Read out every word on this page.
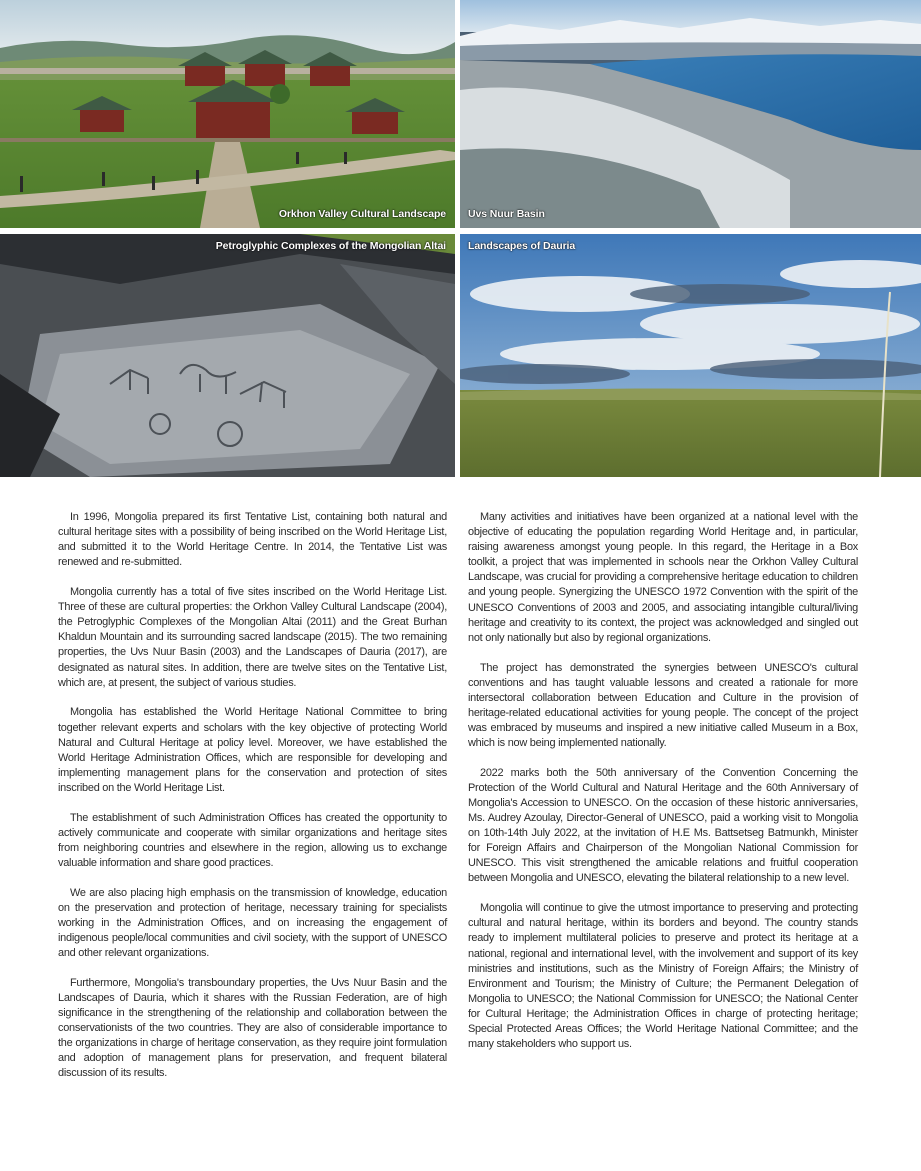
Orkhon Valley Cultural Landscape Uvs Nuur Basin
Petroglyphic Complexes of the Mongolian Altai Landscapes of Dauria

In 1996, Mongolia prepared its first Tentative List, containing both natural and cultural heritage sites with a possibility of being inscribed on the World Heritage List, and submitted it to the World Heritage Centre. In 2014, the Tentative List was renewed and re-submitted.

Mongolia currently has a total of five sites inscribed on the World Heritage List. Three of these are cultural properties: the Orkhon Valley Cultural Landscape (2004), the Petroglyphic Complexes of the Mongolian Altai (2011) and the Great Burhan Khaldun Mountain and its surrounding sacred landscape (2015). The two remaining properties, the Uvs Nuur Basin (2003) and the Landscapes of Dauria (2017), are designated as natural sites. In addition, there are twelve sites on the Tentative List, which are, at present, the subject of various studies.

Mongolia has established the World Heritage National Committee to bring together relevant experts and scholars with the key objective of protecting World Natural and Cultural Heritage at policy level. Moreover, we have established the World Heritage Administration Offices, which are responsible for developing and implementing management plans for the conservation and protection of sites inscribed on the World Heritage List.

The establishment of such Administration Offices has created the opportunity to actively communicate and cooperate with similar organizations and heritage sites from neighboring countries and elsewhere in the region, allowing us to exchange valuable information and share good practices.

We are also placing high emphasis on the transmission of knowledge, education on the preservation and protection of heritage, necessary training for specialists working in the Administration Offices, and on increasing the engagement of indigenous people/local communities and civil society, with the support of UNESCO and other relevant organizations.

Furthermore, Mongolia's transboundary properties, the Uvs Nuur Basin and the Landscapes of Dauria, which it shares with the Russian Federation, are of high significance in the strengthening of the relationship and collaboration between the conservationists of the two countries. They are also of considerable importance to the organizations in charge of heritage conservation, as they require joint formulation and adoption of management plans for preservation, and frequent bilateral discussion of its results.

Many activities and initiatives have been organized at a national level with the objective of educating the population regarding World Heritage and, in particular, raising awareness amongst young people. In this regard, the Heritage in a Box toolkit, a project that was implemented in schools near the Orkhon Valley Cultural Landscape, was crucial for providing a comprehensive heritage education to children and young people. Synergizing the UNESCO 1972 Convention with the spirit of the UNESCO Conventions of 2003 and 2005, and associating intangible cultural/living heritage and creativity to its context, the project was acknowledged and singled out not only nationally but also by regional organizations.

The project has demonstrated the synergies between UNESCO's cultural conventions and has taught valuable lessons and created a rationale for more intersectoral collaboration between Education and Culture in the provision of heritage-related educational activities for young people. The concept of the project was embraced by museums and inspired a new initiative called Museum in a Box, which is now being implemented nationally.

2022 marks both the 50th anniversary of the Convention Concerning the Protection of the World Cultural and Natural Heritage and the 60th Anniversary of Mongolia's Accession to UNESCO. On the occasion of these historic anniversaries, Ms. Audrey Azoulay, Director-General of UNESCO, paid a working visit to Mongolia on 10th-14th July 2022, at the invitation of H.E Ms. Battsetseg Batmunkh, Minister for Foreign Affairs and Chairperson of the Mongolian National Commission for UNESCO. This visit strengthened the amicable relations and fruitful cooperation between Mongolia and UNESCO, elevating the bilateral relationship to a new level.

Mongolia will continue to give the utmost importance to preserving and protecting cultural and natural heritage, within its borders and beyond. The country stands ready to implement multilateral policies to preserve and protect its heritage at a national, regional and international level, with the involvement and support of its key ministries and institutions, such as the Ministry of Foreign Affairs; the Ministry of Environment and Tourism; the Ministry of Culture; the Permanent Delegation of Mongolia to UNESCO; the National Commission for UNESCO; the National Center for Cultural Heritage; the Administration Offices in charge of protecting heritage; Special Protected Areas Offices; the World Heritage National Committee; and the many stakeholders who support us.
